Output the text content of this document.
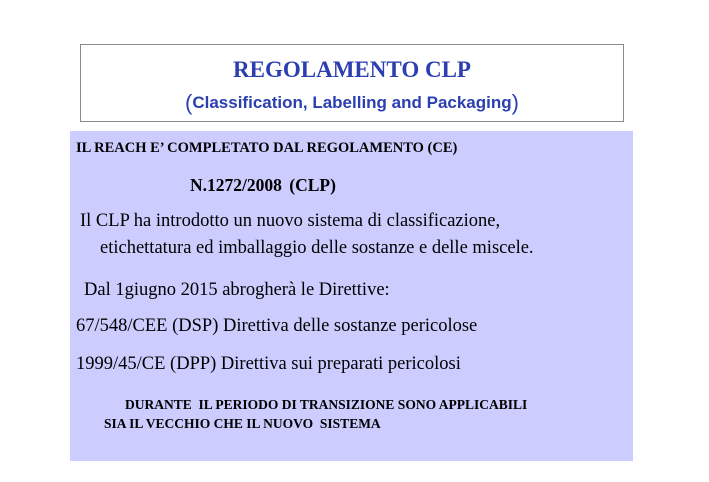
REGOLAMENTO CLP
(Classification, Labelling and Packaging)
IL REACH E’ COMPLETATO DAL REGOLAMENTO (CE)
N.1272/2008 (CLP)
Il CLP ha introdotto un nuovo sistema di classificazione,
etichettatura ed imballaggio delle sostanze e delle miscele.
Dal 1giugno 2015 abrogherà le Direttive:
67/548/CEE (DSP) Direttiva delle sostanze pericolose
1999/45/CE (DPP) Direttiva sui preparati pericolosi
DURANTE  IL PERIODO DI TRANSIZIONE SONO APPLICABILI
SIA IL VECCHIO CHE IL NUOVO  SISTEMA
